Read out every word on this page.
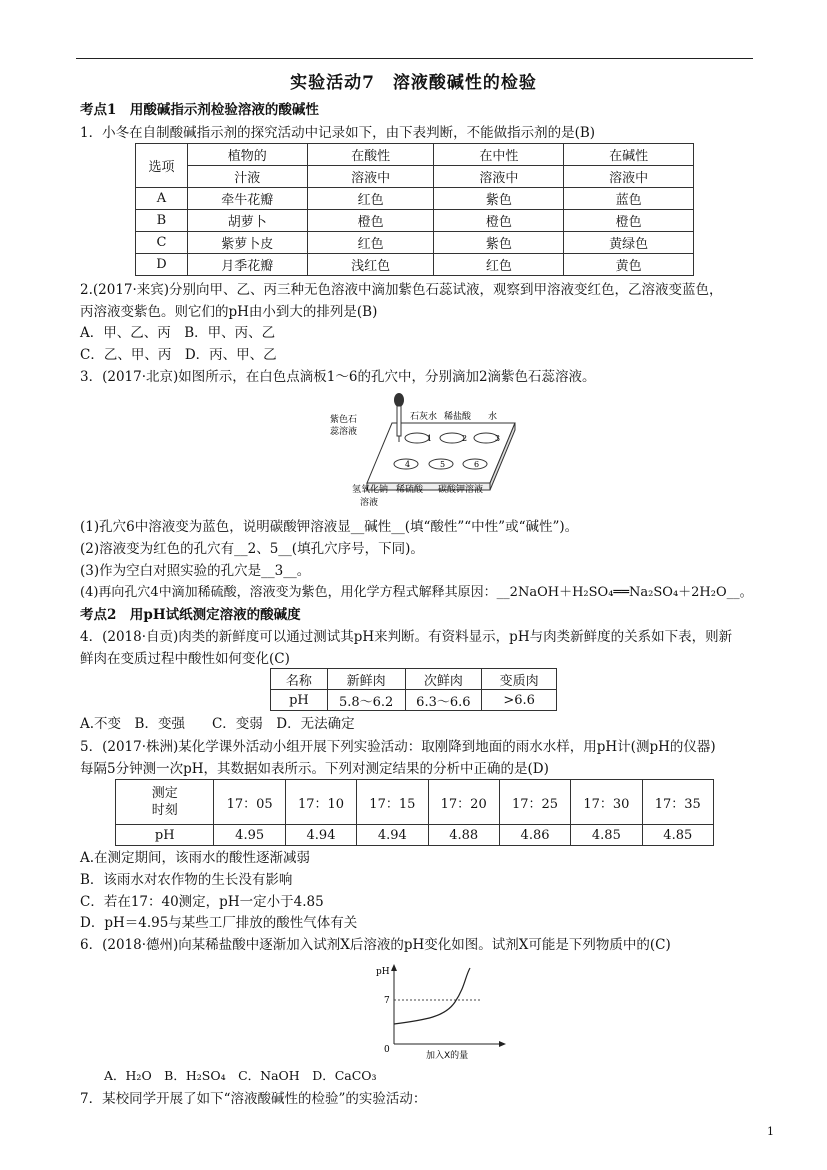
实验活动7　溶液酸碱性的检验
考点1　用酸碱指示剂检验溶液的酸碱性
1．小冬在自制酸碱指示剂的探究活动中记录如下，由下表判断，不能做指示剂的是(B)
选项	植物的	在酸性	在中性	在碱性
	汁液	溶液中	溶液中	溶液中
A	牵牛花瓣	红色	紫色	蓝色
B	胡萝卜	橙色	橙色	橙色
C	紫萝卜皮	红色	紫色	黄绿色
D	月季花瓣	浅红色	红色	黄色
2.(2017·来宾)分别向甲、乙、丙三种无色溶液中滴加紫色石蕊试液，观察到甲溶液变红色，乙溶液变蓝色，
丙溶液变紫色。则它们的pH由小到大的排列是(B)
A．甲、乙、丙　B．甲、丙、乙
C．乙、甲、丙　D．丙、甲、乙
3．(2017·北京)如图所示，在白色点滴板1～6的孔穴中，分别滴加2滴紫色石蕊溶液。
紫色石
蕊溶液
石灰水 稀盐酸 水
1	2	3
4	5	6
氢氧化钠 稀硫酸 碳酸钾溶液
溶液
(1)孔穴6中溶液变为蓝色，说明碳酸钾溶液显__碱性__(填“酸性”“中性”或“碱性”)。
(2)溶液变为红色的孔穴有__2、5__(填孔穴序号，下同)。
(3)作为空白对照实验的孔穴是__3__。
(4)再向孔穴4中滴加稀硫酸，溶液变为紫色，用化学方程式解释其原因：__2NaOH＋H₂SO₄══Na₂SO₄＋2H₂O__。
考点2　用pH试纸测定溶液的酸碱度
4．(2018·自贡)肉类的新鲜度可以通过测试其pH来判断。有资料显示，pH与肉类新鲜度的关系如下表，则新
鲜肉在变质过程中酸性如何变化(C)
名称	新鲜肉	次鲜肉	变质肉
pH	5.8～6.2	6.3～6.6	>6.6
A.不变　B．变强　　C．变弱　D．无法确定
5．(2017·株洲)某化学课外活动小组开展下列实验活动：取刚降到地面的雨水水样，用pH计(测pH的仪器)
每隔5分钟测一次pH，其数据如表所示。下列对测定结果的分析中正确的是(D)
测定
时刻	17：05	17：10	17：15	17：20	17：25	17：30	17：35
pH	4.95	4.94	4.94	4.88	4.86	4.85	4.85
A.在测定期间，该雨水的酸性逐渐减弱
B．该雨水对农作物的生长没有影响
C．若在17：40测定，pH一定小于4.85
D．pH＝4.95与某些工厂排放的酸性气体有关
6．(2018·德州)向某稀盐酸中逐渐加入试剂X后溶液的pH变化如图。试剂X可能是下列物质中的(C)
pH
7
0
加入X的量
A．H₂O　B．H₂SO₄　C．NaOH　D．CaCO₃
7．某校同学开展了如下“溶液酸碱性的检验”的实验活动：
1
